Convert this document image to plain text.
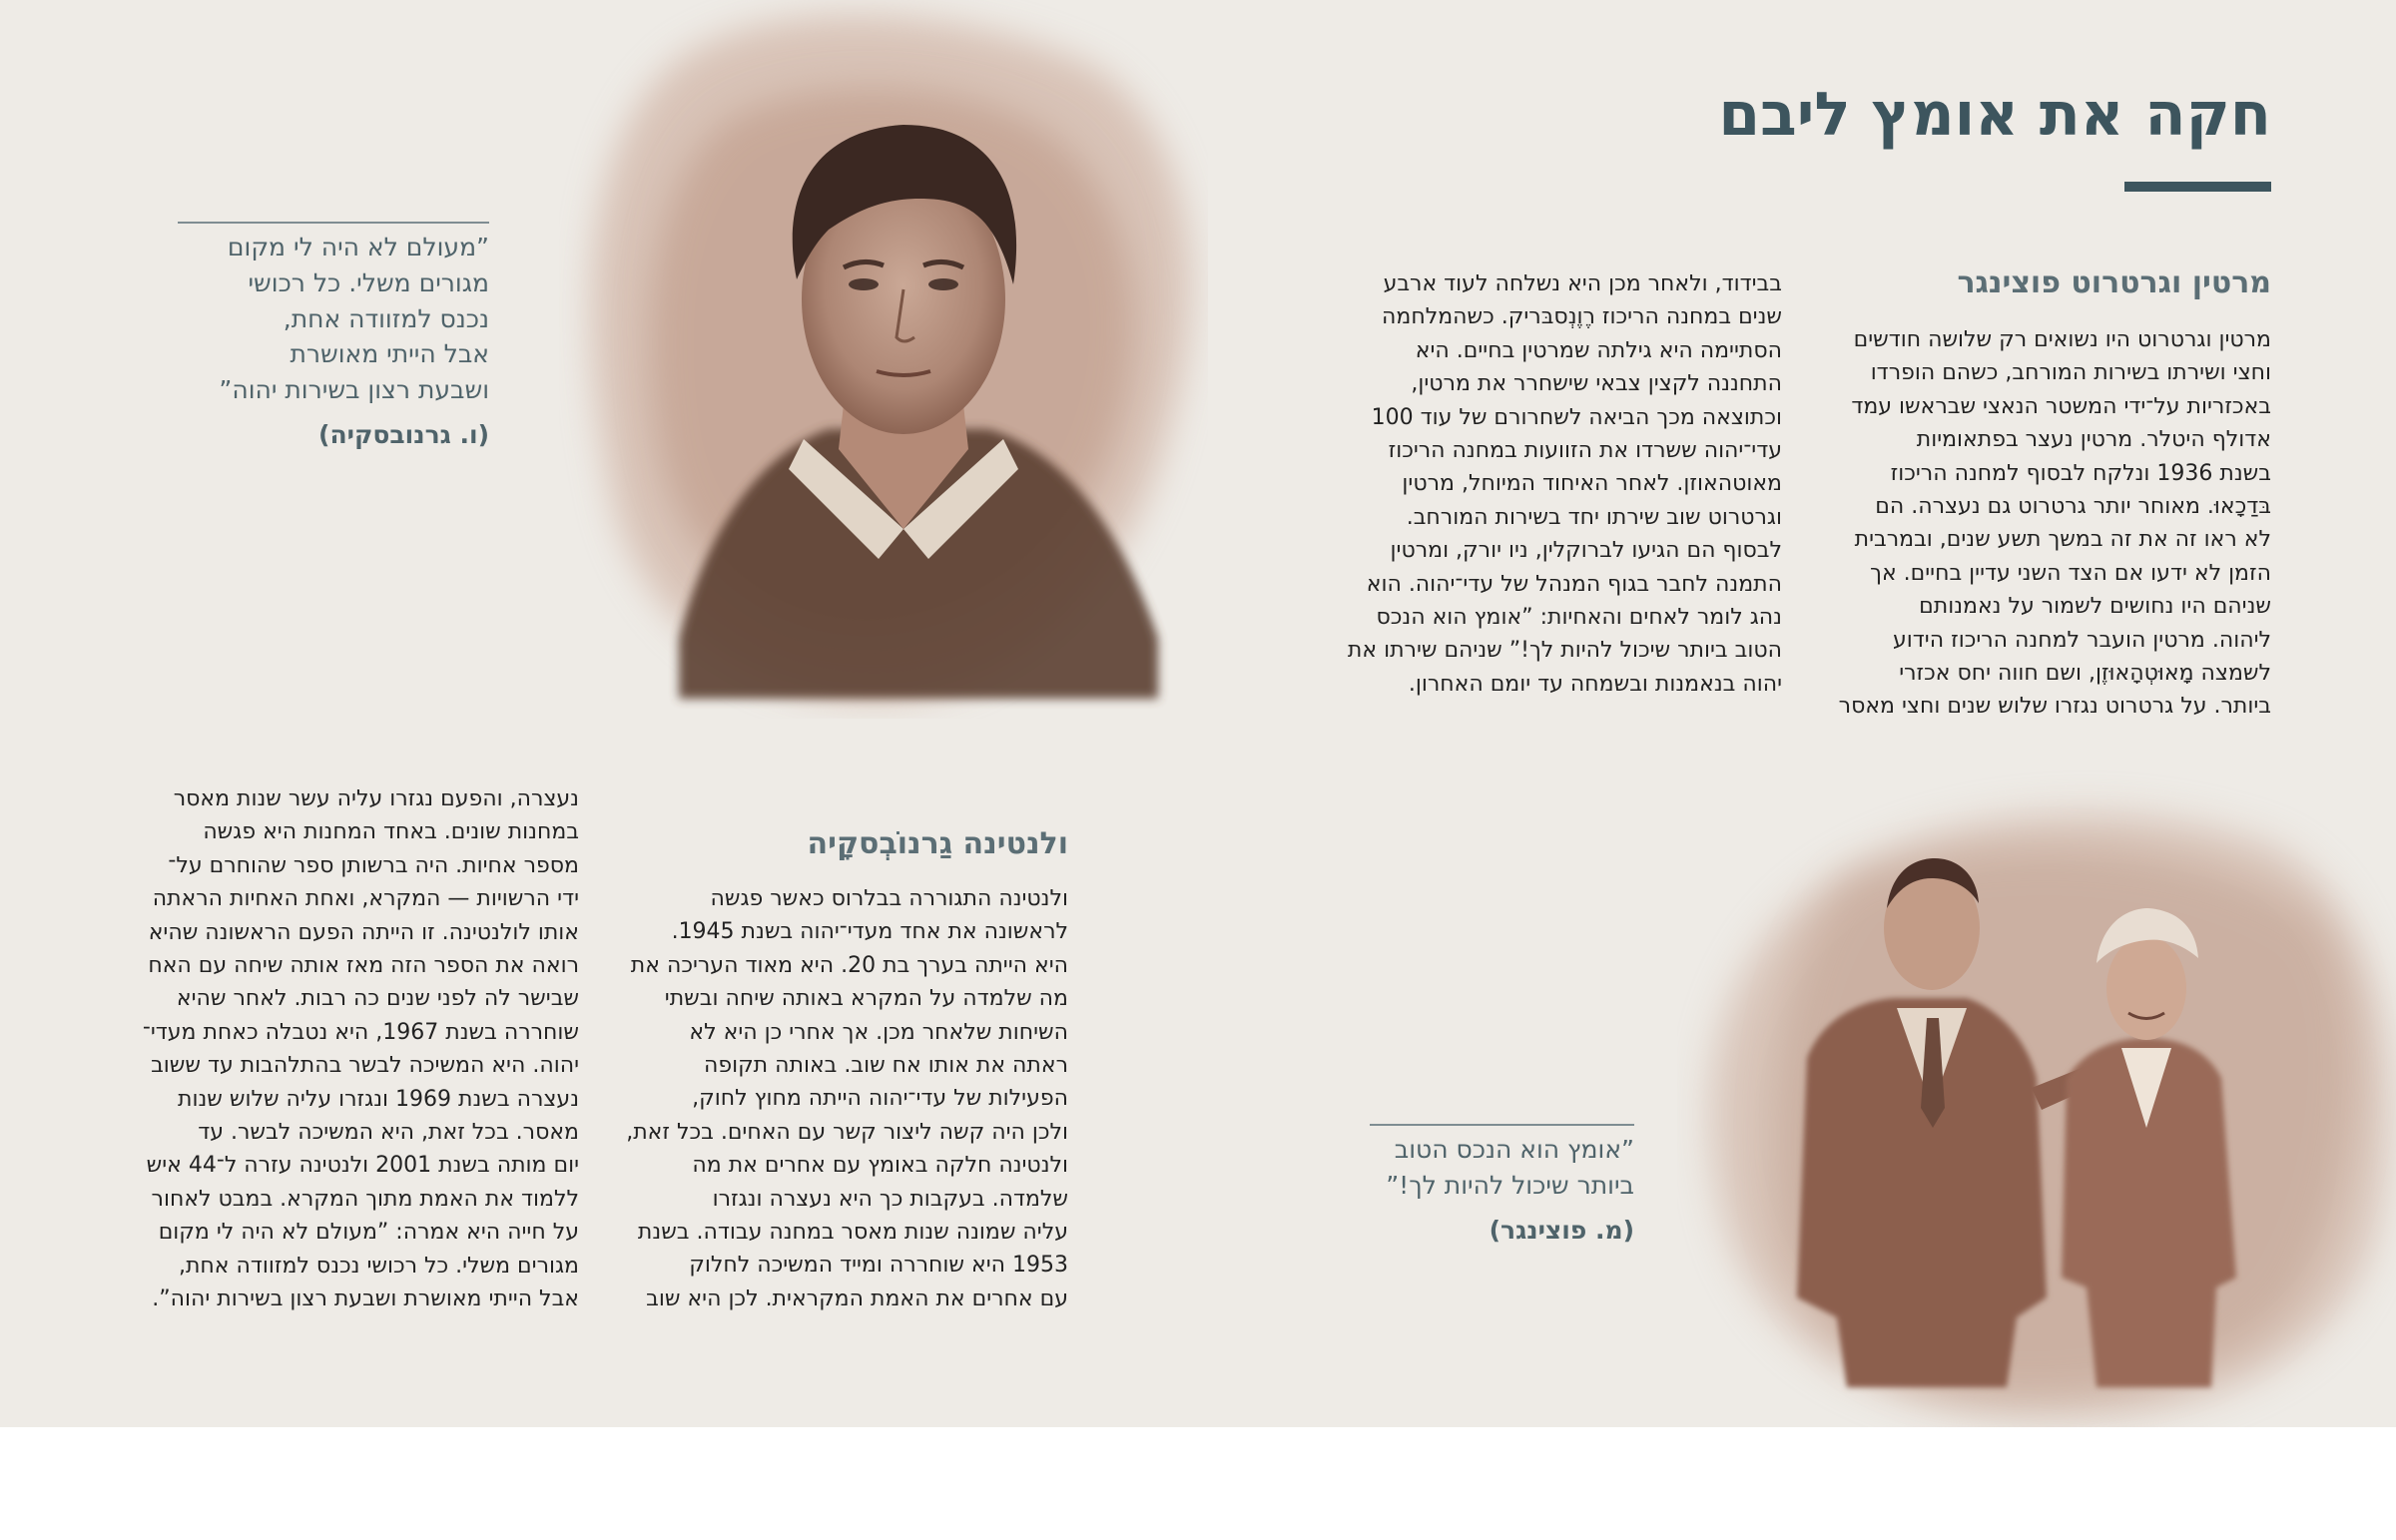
חקה את אומץ ליבם
מרטין וגרטרוט פוצינגר
מרטין וגרטרוט היו נשואים רק שלושה חודשים
וחצי ושירתו בשירות המורחב, כשהם הופרדו
באכזריות על־ידי המשטר הנאצי שבראשו עמד
אדולף היטלר. מרטין נעצר בפתאומיות
בשנת 1936 ונלקח לבסוף למחנה הריכוז
בּדַכָאוּ. מאוחר יותר גרטרוט גם נעצרה. הם
לא ראו זה את זה במשך תשע שנים, ובמרבית
הזמן לא ידעו אם הצד השני עדיין בחיים. אך
שניהם היו נחושים לשמור על נאמנותם
ליהוה. מרטין הועבר למחנה הריכוז הידוע
לשמצה מָאוּטְהָאוּזֶן, ושם חווה יחס אכזרי
ביותר. על גרטרוט נגזרו שלוש שנים וחצי מאסר
בבידוד, ולאחר מכן היא נשלחה לעוד ארבע
שנים במחנה הריכוז רֶוֶנְסבּריק. כשהמלחמה
הסתיימה היא גילתה שמרטין בחיים. היא
התחננה לקצין צבאי שישחרר את מרטין,
וכתוצאה מכך הביאה לשחרורם של עוד 100
עדי־יהוה ששרדו את הזוועות במחנה הריכוז
מאוטהאוזן. לאחר האיחוד המיוחל, מרטין
וגרטרוט שוב שירתו יחד בשירות המורחב.
לבסוף הם הגיעו לברוקלין, ניו יורק, ומרטין
התמנה לחבר בגוף המנהל של עדי־יהוה. הוא
נהג לומר לאחים והאחיות: ”אומץ הוא הנכס
הטוב ביותר שיכול להיות לך!” שניהם שירתו את
יהוה בנאמנות ובשמחה עד יומם האחרון.
”אומץ הוא הנכס הטוב
ביותר שיכול להיות לך!”
(מ. פוצינגר)
ולנטינה גַרנוֹבְסקָיה
ולנטינה התגוררה בבלרוס כאשר פגשה
לראשונה את אחד מעדי־יהוה בשנת 1945.
היא הייתה בערך בת 20. היא מאוד העריכה את
מה שלמדה על המקרא באותה שיחה ובשתי
השיחות שלאחר מכן. אך אחרי כן היא לא
ראתה את אותו אח שוב. באותה תקופה
הפעילות של עדי־יהוה הייתה מחוץ לחוק,
ולכן היה קשה ליצור קשר עם האחים. בכל זאת,
ולנטינה חלקה באומץ עם אחרים את מה
שלמדה. בעקבות כך היא נעצרה ונגזרו
עליה שמונה שנות מאסר במחנה עבודה. בשנת
1953 היא שוחררה ומייד המשיכה לחלוק
עם אחרים את האמת המקראית. לכן היא שוב
נעצרה, והפעם נגזרו עליה עשר שנות מאסר
במחנות שונים. באחד המחנות היא פגשה
מספר אחיות. היה ברשותן ספר שהוחרם על־
ידי הרשויות — המקרא, ואחת האחיות הראתה
אותו לולנטינה. זו הייתה הפעם הראשונה שהיא
רואה את הספר הזה מאז אותה שיחה עם האח
שבישר לה לפני שנים כה רבות. לאחר שהיא
שוחררה בשנת 1967, היא נטבלה כאחת מעדי־
יהוה. היא המשיכה לבשר בהתלהבות עד ששוב
נעצרה בשנת 1969 ונגזרו עליה שלוש שנות
מאסר. בכל זאת, היא המשיכה לבשר. עד
יום מותה בשנת 2001 ולנטינה עזרה ל־44 איש
ללמוד את האמת מתוך המקרא. במבט לאחור
על חייה היא אמרה: ”מעולם לא היה לי מקום
מגורים משלי. כל רכושי נכנס למזוודה אחת,
אבל הייתי מאושרת ושבעת רצון בשירות יהוה”.
”מעולם לא היה לי מקום
מגורים משלי. כל רכושי
נכנס למזוודה אחת,
אבל הייתי מאושרת
ושבעת רצון בשירות יהוה”
(ו. גרנובסקיה)
